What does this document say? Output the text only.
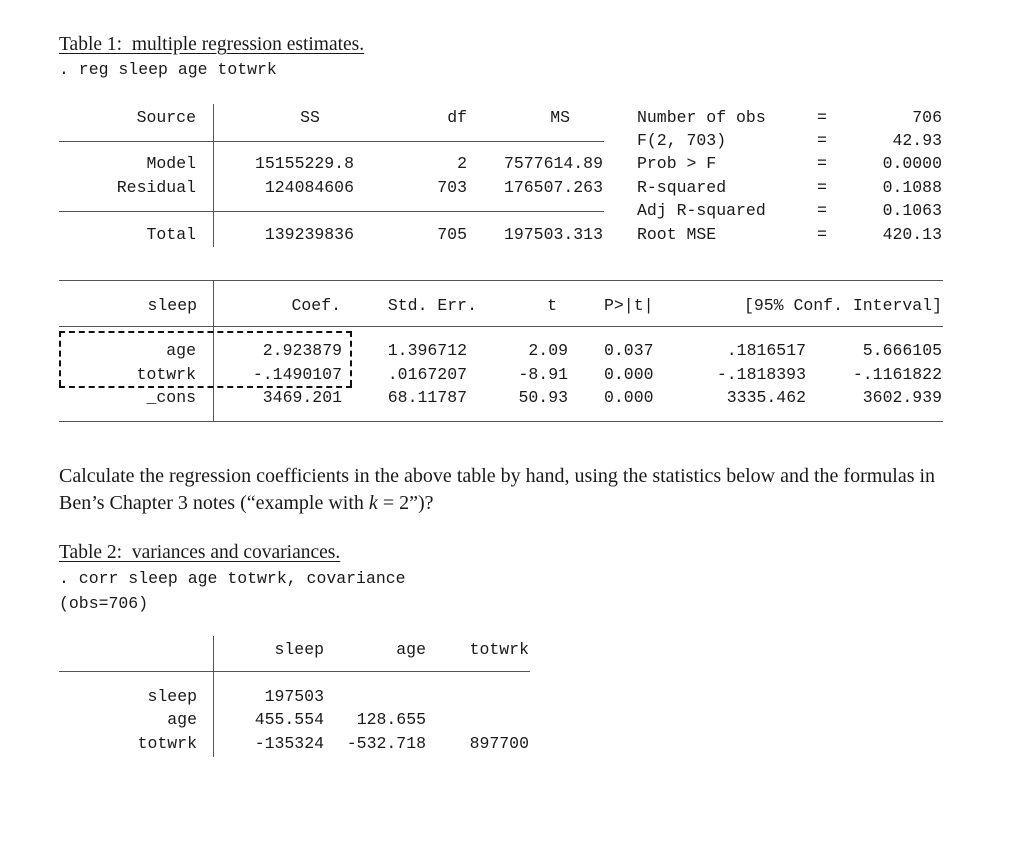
Table 1:  multiple regression estimates.
. reg sleep age totwrk
Source	SS	df	MS
Model	15155229.8	2	7577614.89
Residual	124084606	703	176507.263
Total	139239836	705	197503.313
Number of obs	=	706
F(2, 703)	=	42.93
Prob > F	=	0.0000
R-squared	=	0.1088
Adj R-squared	=	0.1063
Root MSE	=	420.13
sleep	Coef.	Std. Err.	t	P>|t|	[95% Conf. Interval]
age	2.923879	1.396712	2.09 0.037	.1816517	5.666105
totwrk	-.1490107	.0167207	-8.91 0.000	-.1818393	-.1161822
_cons	3469.201	68.11787	50.93 0.000	3335.462	3602.939
Calculate the regression coefficients in the above table by hand, using the statistics below and the formulas in Ben’s Chapter 3 notes (“example with k = 2”)?
Table 2:  variances and covariances.
. corr sleep age totwrk, covariance
(obs=706)
sleep	age	totwrk
sleep	197503
age	455.554	128.655
totwrk	-135324	-532.718	897700
